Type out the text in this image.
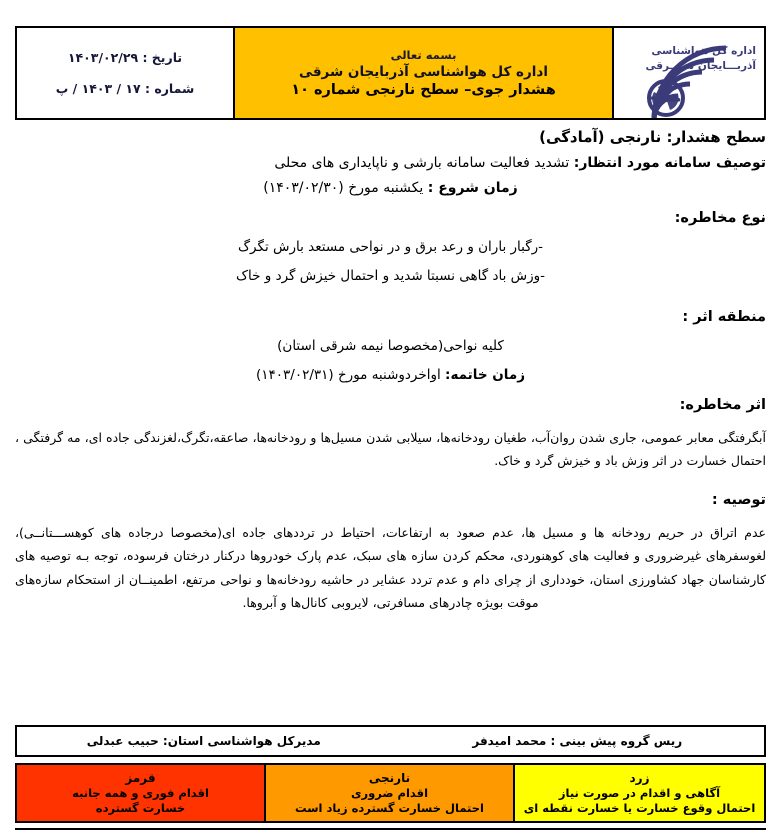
اداره کل هواشناسی
آذربـــایجان شــــرقی
بسمه تعالی
اداره کل هواشناسی آذربایجان شرقی
هشدار جوی– سطح نارنجی شماره ۱۰
تاریخ : ۱۴۰۳/۰۲/۲۹
شماره : ۱۷ / ۱۴۰۳ / پ

سطح هشدار: نارنجی (آمادگی)

توصیف سامانه مورد انتظار: تشدید فعالیت سامانه بارشی و ناپایداری های محلی

زمان شروع : یکشنبه مورخ (۱۴۰۳/۰۲/۳۰)

نوع مخاطره:

-رگبار باران و رعد برق و در نواحی مستعد بارش تگرگ

-وزش باد گاهی نسبتا شدید و احتمال خیزش گرد و خاک

منطقه اثر :

کلیه نواحی(مخصوصا نیمه شرقی استان)

زمان خاتمه: اواخردوشنبه مورخ (۱۴۰۳/۰۲/۳۱)

اثر مخاطره:

آبگرفتگی معابر عمومی، جاری شدن روان‌آب، طغیان رودخانه‌ها، سیلابی شدن مسیل‌ها و رودخانه‌ها، صاعقه،تگرگ،لغزندگی جاده ای، مه گرفتگی ، احتمال خسارت در اثر وزش باد و خیزش گرد و خاک.

توصیه :

عدم اتراق در حریم رودخانه ها و مسیل ها، عدم صعود به ارتفاعات، احتیاط در ترددهای جاده ای(مخصوصا درجاده های کوهســـتانــی)، لغوسفرهای غیرضروری و فعالیت های کوهنوردی، محکم کردن سازه های سبک، عدم پارک خودروها درکنار درختان فرسوده، توجه بـه توصیه های کارشناسان جهاد کشاورزی استان، خودداری از چرای دام و عدم تردد عشایر در حاشیه رودخانه‌ها و نواحی مرتفع، اطمینــان از استحکام سازه‌های موقت بویژه چادرهای مسافرتی، لایروبی کانال‌ها و آبروها.

ریس گروه پیش بینی : محمد امیدفر
مدیرکل هواشناسی استان: حبیب عبدلی
زرد
آگاهی و اقدام در صورت نیاز
احتمال وقوع خسارت یا خسارت نقطه ای
نارنجی
اقدام ضروری
احتمال خسارت گسترده زیاد است
قرمز
اقدام فوری و همه جانبه
خسارت گسترده
